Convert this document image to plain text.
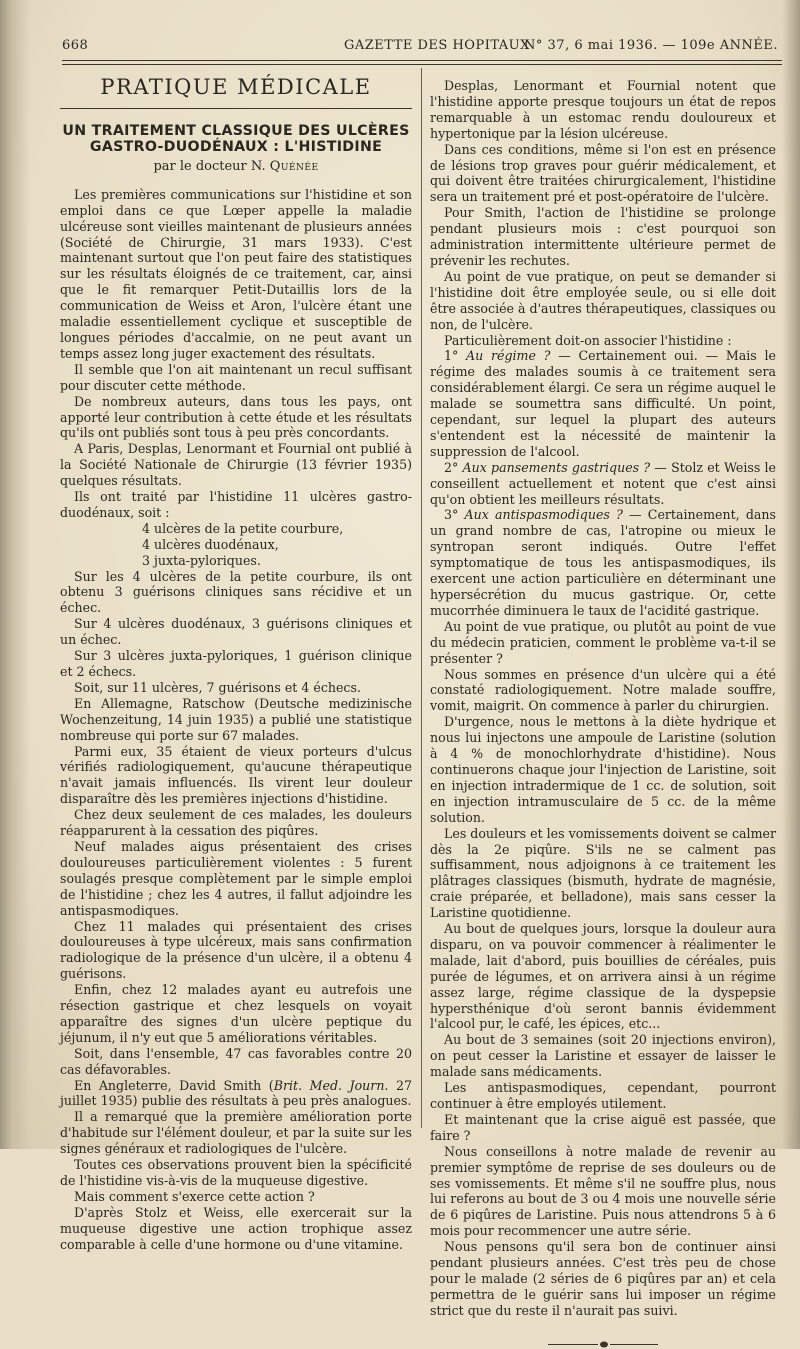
668	GAZETTE DES HOPITAUX
N° 37, 6 mai 1936. — 109e ANNÉE.
PRATIQUE MÉDICALE
UN TRAITEMENT CLASSIQUE DES ULCÈRES
GASTRO-DUODÉNAUX : L'HISTIDINE
par le docteur N. Quénée

Les premières communications sur l'histidine et son emploi dans ce que Lœper appelle la maladie ulcéreuse sont vieilles maintenant de plusieurs années (Société de Chirurgie, 31 mars 1933). C'est maintenant surtout que l'on peut faire des statistiques sur les résultats éloignés de ce traitement, car, ainsi que le fit remarquer Petit-Dutaillis lors de la communication de Weiss et Aron, l'ulcère étant une maladie essentiellement cyclique et susceptible de longues périodes d'accalmie, on ne peut avant un temps assez long juger exactement des résultats.

Il semble que l'on ait maintenant un recul suffisant pour discuter cette méthode.

De nombreux auteurs, dans tous les pays, ont apporté leur contribution à cette étude et les résultats qu'ils ont publiés sont tous à peu près concordants.

A Paris, Desplas, Lenormant et Fournial ont publié à la Société Nationale de Chirurgie (13 février 1935) quelques résultats.

Ils ont traité par l'histidine 11 ulcères gastro-duodénaux, soit :

4 ulcères de la petite courbure,
4 ulcères duodénaux,
3 juxta-pyloriques.

Sur les 4 ulcères de la petite courbure, ils ont obtenu 3 guérisons cliniques sans récidive et un échec.

Sur 4 ulcères duodénaux, 3 guérisons cliniques et un échec.

Sur 3 ulcères juxta-pyloriques, 1 guérison clinique et 2 échecs.

Soit, sur 11 ulcères, 7 guérisons et 4 échecs.

En Allemagne, Ratschow (Deutsche medizinische Wochenzeitung, 14 juin 1935) a publié une statistique nombreuse qui porte sur 67 malades.

Parmi eux, 35 étaient de vieux porteurs d'ulcus vérifiés radiologiquement, qu'aucune thérapeutique n'avait jamais influencés. Ils virent leur douleur disparaître dès les premières injections d'histidine.

Chez deux seulement de ces malades, les douleurs réapparurent à la cessation des piqûres.

Neuf malades aigus présentaient des crises douloureuses particulièrement violentes : 5 furent soulagés presque complètement par le simple emploi de l'histidine ; chez les 4 autres, il fallut adjoindre les antispasmodiques.

Chez 11 malades qui présentaient des crises douloureuses à type ulcéreux, mais sans confirmation radiologique de la présence d'un ulcère, il a obtenu 4 guérisons.

Enfin, chez 12 malades ayant eu autrefois une résection gastrique et chez lesquels on voyait apparaître des signes d'un ulcère peptique du jéjunum, il n'y eut que 5 améliorations véritables.

Soit, dans l'ensemble, 47 cas favorables contre 20 cas défavorables.

En Angleterre, David Smith (Brit. Med. Journ. 27 juillet 1935) publie des résultats à peu près analogues.

Il a remarqué que la première amélioration porte d'habitude sur l'élément douleur, et par la suite sur les signes généraux et radiologiques de l'ulcère.

Toutes ces observations prouvent bien la spécificité de l'histidine vis-à-vis de la muqueuse digestive.

Mais comment s'exerce cette action ?

D'après Stolz et Weiss, elle exercerait sur la muqueuse digestive une action trophique assez comparable à celle d'une hormone ou d'une vitamine.

Desplas, Lenormant et Fournial notent que l'histidine apporte presque toujours un état de repos remarquable à un estomac rendu douloureux et hypertonique par la lésion ulcéreuse.

Dans ces conditions, même si l'on est en présence de lésions trop graves pour guérir médicalement, et qui doivent être traitées chirurgicalement, l'histidine sera un traitement pré et post-opératoire de l'ulcère.

Pour Smith, l'action de l'histidine se prolonge pendant plusieurs mois : c'est pourquoi son administration intermittente ultérieure permet de prévenir les rechutes.

Au point de vue pratique, on peut se demander si l'histidine doit être employée seule, ou si elle doit être associée à d'autres thérapeutiques, classiques ou non, de l'ulcère.

Particulièrement doit-on associer l'histidine :

1° Au régime ? — Certainement oui. — Mais le régime des malades soumis à ce traitement sera considérablement élargi. Ce sera un régime auquel le malade se soumettra sans difficulté. Un point, cependant, sur lequel la plupart des auteurs s'entendent est la nécessité de maintenir la suppression de l'alcool.

2° Aux pansements gastriques ? — Stolz et Weiss le conseillent actuellement et notent que c'est ainsi qu'on obtient les meilleurs résultats.

3° Aux antispasmodiques ? — Certainement, dans un grand nombre de cas, l'atropine ou mieux le syntropan seront indiqués. Outre l'effet symptomatique de tous les antispasmodiques, ils exercent une action particulière en déterminant une hypersécrétion du mucus gastrique. Or, cette mucorrhée diminuera le taux de l'acidité gastrique.

Au point de vue pratique, ou plutôt au point de vue du médecin praticien, comment le problème va-t-il se présenter ?

Nous sommes en présence d'un ulcère qui a été constaté radiologiquement. Notre malade souffre, vomit, maigrit. On commence à parler du chirurgien.

D'urgence, nous le mettons à la diète hydrique et nous lui injectons une ampoule de Laristine (solution à 4 % de monochlorhydrate d'histidine). Nous continuerons chaque jour l'injection de Laristine, soit en injection intradermique de 1 cc. de solution, soit en injection intramusculaire de 5 cc. de la même solution.

Les douleurs et les vomissements doivent se calmer dès la 2e piqûre. S'ils ne se calment pas suffisamment, nous adjoignons à ce traitement les plâtrages classiques (bismuth, hydrate de magnésie, craie préparée, et belladone), mais sans cesser la Laristine quotidienne.

Au bout de quelques jours, lorsque la douleur aura disparu, on va pouvoir commencer à réalimenter le malade, lait d'abord, puis bouillies de céréales, puis purée de légumes, et on arrivera ainsi à un régime assez large, régime classique de la dyspepsie hypersthénique d'où seront bannis évidemment l'alcool pur, le café, les épices, etc...

Au bout de 3 semaines (soit 20 injections environ), on peut cesser la Laristine et essayer de laisser le malade sans médicaments.

Les antispasmodiques, cependant, pourront continuer à être employés utilement.

Et maintenant que la crise aiguë est passée, que faire ?

Nous conseillons à notre malade de revenir au premier symptôme de reprise de ses douleurs ou de ses vomissements. Et même s'il ne souffre plus, nous lui referons au bout de 3 ou 4 mois une nouvelle série de 6 piqûres de Laristine. Puis nous attendrons 5 à 6 mois pour recommencer une autre série.

Nous pensons qu'il sera bon de continuer ainsi pendant plusieurs années. C'est très peu de chose pour le malade (2 séries de 6 piqûres par an) et cela permettra de le guérir sans lui imposer un régime strict que du reste il n'aurait pas suivi.
